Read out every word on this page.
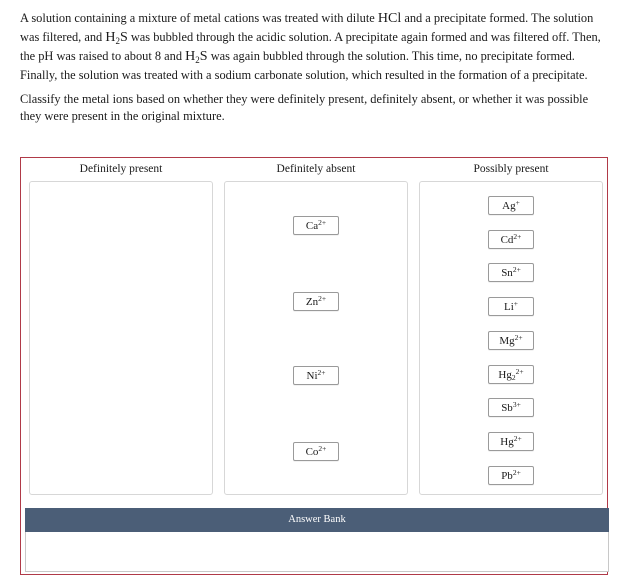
A solution containing a mixture of metal cations was treated with dilute HCl and a precipitate formed. The solution was filtered, and $H_2S$ was bubbled through the acidic solution. A precipitate again formed and was filtered off. Then, the pH was raised to about 8 and $H_2S$ was again bubbled through the solution. This time, no precipitate formed. Finally, the solution was treated with a sodium carbonate solution, which resulted in the formation of a precipitate.

Classify the metal ions based on whether they were definitely present, definitely absent, or whether it was possible they were present in the original mixture.

Definitely present	Definitely absent	Possibly present
$Ca^{2+}$
$Zn^{2+}$
$Ni^{2+}$
$Co^{2+}$
Ag+
$Cd^{2+}$
$Sn^{2+}$
Li+
$Mg^{2+}$
$Hg_2^{2+}$
$Sb^{3+}$
$Hg^{2+}$
$Pb^{2+}$
Answer Bank
